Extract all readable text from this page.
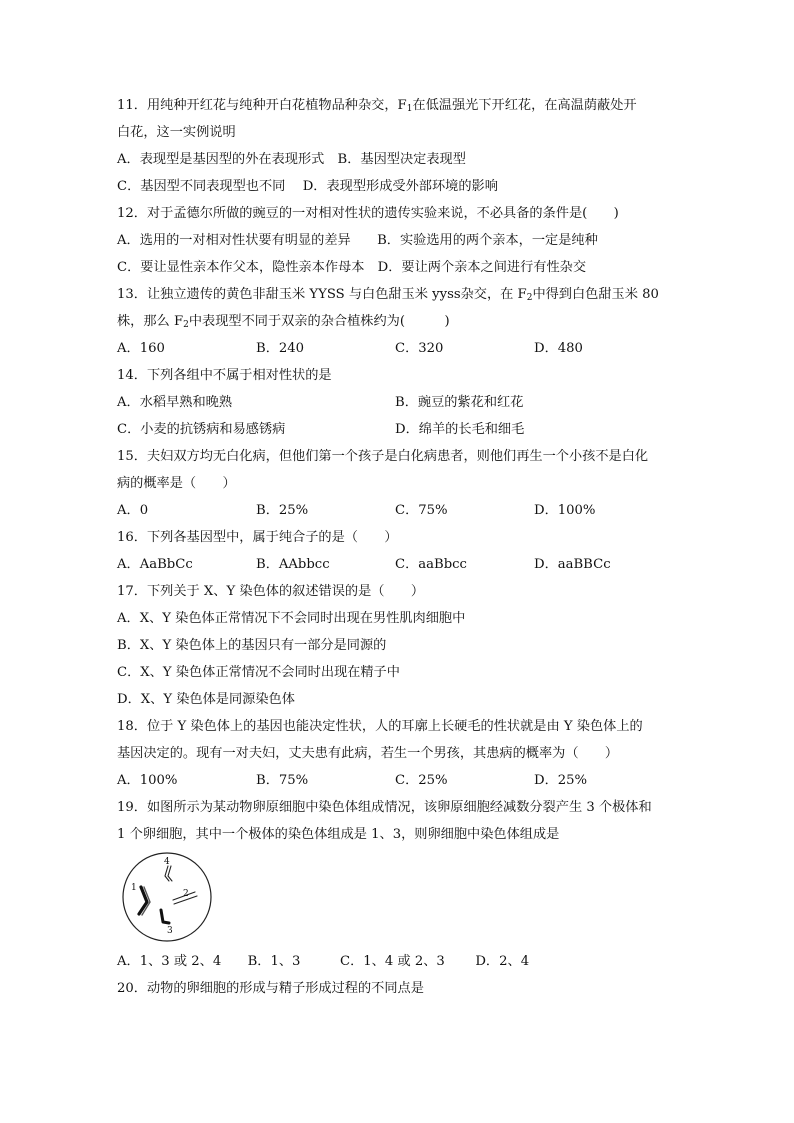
11．用纯种开红花与纯种开白花植物品种杂交，$F_1$在低温强光下开红花，在高温荫蔽处开
白花，这一实例说明
A．表现型是基因型的外在表现形式　B．基因型决定表现型
C．基因型不同表现型也不同　 D．表现型形成受外部环境的影响
12．对于孟德尔所做的豌豆的一对相对性状的遗传实验来说，不必具备的条件是(　　)
A．选用的一对相对性状要有明显的差异　　B．实验选用的两个亲本，一定是纯种
C．要让显性亲本作父本，隐性亲本作母本　D．要让两个亲本之间进行有性杂交
13．让独立遗传的黄色非甜玉米 YYSS 与白色甜玉米 yyss杂交，在 $F_2$中得到白色甜玉米 80
株，那么 $F_2$中表现型不同于双亲的杂合植株约为(　　　)
A．160	B．240	C．320	D．480
14．下列各组中不属于相对性状的是
A．水稻早熟和晚熟	B．豌豆的紫花和红花
C．小麦的抗锈病和易感锈病	D．绵羊的长毛和细毛
15．夫妇双方均无白化病，但他们第一个孩子是白化病患者，则他们再生一个小孩不是白化
病的概率是（　　）
A．0	B．25%	C．75%	D．100%
16．下列各基因型中，属于纯合子的是（　　）
A．AaBbCc	B．AAbbcc	C．aaBbcc	D．aaBBCc
17．下列关于 X、Y 染色体的叙述错误的是（　　）
A．X、Y 染色体正常情况下不会同时出现在男性肌肉细胞中
B．X、Y 染色体上的基因只有一部分是同源的
C．X、Y 染色体正常情况不会同时出现在精子中
D．X、Y 染色体是同源染色体
18．位于 Y 染色体上的基因也能决定性状，人的耳廓上长硬毛的性状就是由 Y 染色体上的
基因决定的。现有一对夫妇，丈夫患有此病，若生一个男孩，其患病的概率为（　　）
A．100%	B．75%	C．25%	D．25%
19．如图所示为某动物卵原细胞中染色体组成情况，该卵原细胞经减数分裂产生 3 个极体和
1 个卵细胞，其中一个极体的染色体组成是 1、3，则卵细胞中染色体组成是
1
2
3
4
A．1、3 或 2、4　　B．1、3　　　C．1、4 或 2、3　　 D．2、4
20．动物的卵细胞的形成与精子形成过程的不同点是
